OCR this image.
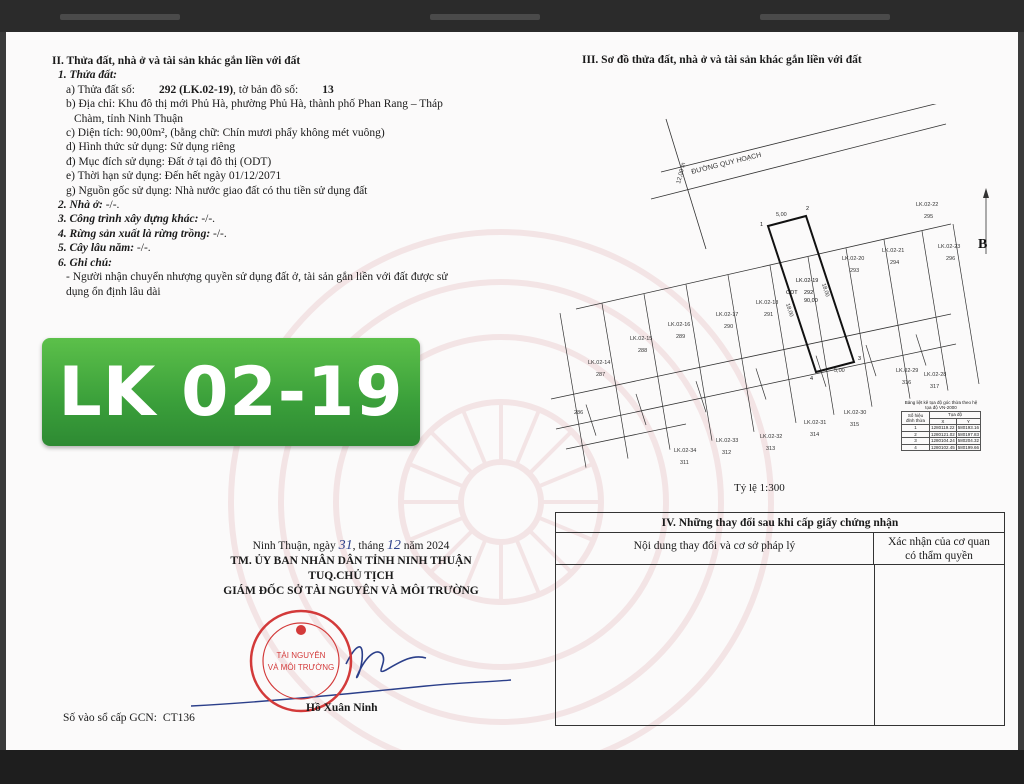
II. Thửa đất, nhà ở và tài sản khác gắn liền với đất
1. Thửa đất:
a) Thửa đất số: 292 (LK.02-19), tờ bản đồ số: 13
b) Địa chỉ: Khu đô thị mới Phủ Hà, phường Phủ Hà, thành phố Phan Rang – Tháp
Chàm, tỉnh Ninh Thuận
c) Diện tích: 90,00m², (bằng chữ: Chín mươi phẩy không mét vuông)
d) Hình thức sử dụng: Sử dụng riêng
đ) Mục đích sử dụng: Đất ở tại đô thị (ODT)
e) Thời hạn sử dụng: Đến hết ngày 01/12/2071
g) Nguồn gốc sử dụng: Nhà nước giao đất có thu tiền sử dụng đất
2. Nhà ở: -/-.
3. Công trình xây dựng khác: -/-.
4. Rừng sản xuất là rừng trồng: -/-.
5. Cây lâu năm: -/-.
6. Ghi chú:
- Người nhận chuyển nhượng quyền sử dụng đất ở, tài sản gắn liền với đất được sử
dụng ổn định lâu dài
LK 02-19
TÀI NGUYÊN
VÀ MÔI TRƯỜNG
Ninh Thuận, ngày 31, tháng 12 năm 2024
TM. ỦY BAN NHÂN DÂN TỈNH NINH THUẬN
TUQ.CHỦ TỊCH
GIÁM ĐỐC SỞ TÀI NGUYÊN VÀ MÔI TRƯỜNG
Hồ Xuân Ninh
Số vào sổ cấp GCN: CT136
III. Sơ đồ thửa đất, nhà ở và tài sản khác gắn liền với đất
ĐƯỜNG QUY HOẠCH
12,00 m
5,00
5,00
18,00
18,00
LK.02-19
ODT 292
90,00
1
2
3
4
LK.02-14
287
LK.02-15
288
LK.02-16
289
LK.02-17
290
LK.02-18
291
LK.02-20
293
LK.02-21
294
LK.02-22
295
LK.02-23
296
286
LK.02-34
311
LK.02-33
312
LK.02-32
313
LK.02-31
314
LK.02-30
315
LK.02-29
316
LK.02-28
317
B
Tỷ lệ 1:300
Bảng liệt kê tọa độ góc thửa theo hệ tọa độ VN-2000
Số hiệu đỉnh thửa	Tọa độ	
	X	Y
1	1280119.22	580193.16
2	1280121.02	580197.83
3	1280104.24	580204.32
4	1280102.45	580199.66
IV. Những thay đổi sau khi cấp giấy chứng nhận
Nội dung thay đổi và cơ sở pháp lý	Xác nhận của cơ quan
có thẩm quyền
